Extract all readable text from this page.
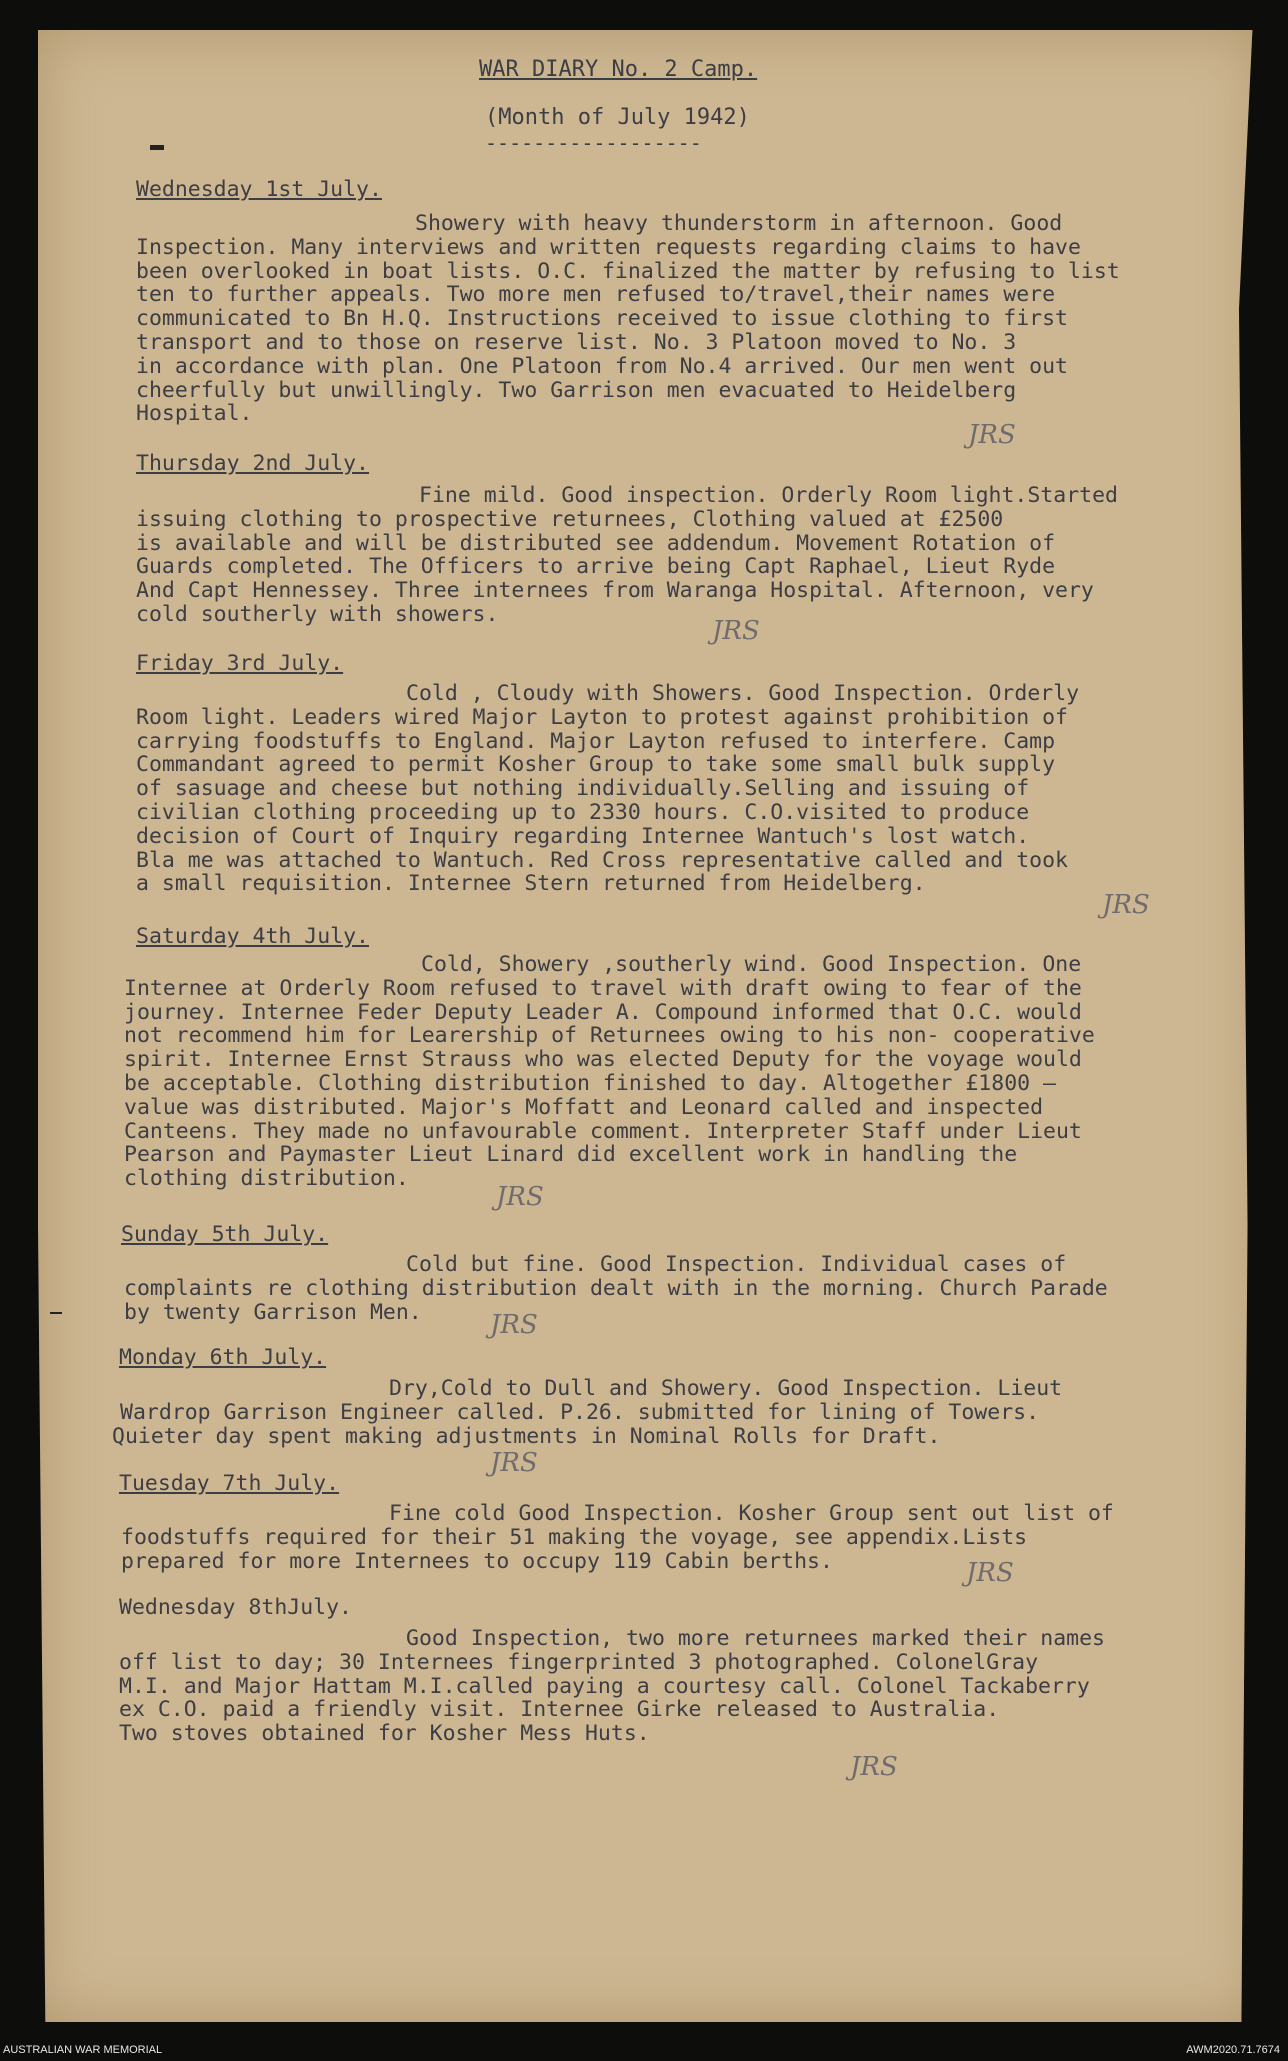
WAR DIARY No. 2 Camp.
(Month of July 1942)
------------------
Wednesday 1st July.
Showery with heavy thunderstorm in afternoon. Good
Inspection. Many interviews and written requests regarding claims to have
been overlooked in boat lists. O.C. finalized the matter by refusing to list
ten to further appeals. Two more men refused to/travel,their names were
communicated to Bn H.Q. Instructions received to issue clothing to first
transport and to those on reserve list. No. 3 Platoon moved to No. 3
in accordance with plan. One Platoon from No.4 arrived. Our men went out
cheerfully but unwillingly. Two Garrison men evacuated to Heidelberg
Hospital.
Thursday 2nd July.
Fine mild. Good inspection. Orderly Room light.Started
issuing clothing to prospective returnees, Clothing valued at £2500
is available and will be distributed see addendum. Movement Rotation of
Guards completed. The Officers to arrive being Capt Raphael, Lieut Ryde
And Capt Hennessey. Three internees from Waranga Hospital. Afternoon, very
cold southerly with showers.
Friday 3rd July.
Cold , Cloudy with Showers. Good Inspection. Orderly
Room light. Leaders wired Major Layton to protest against prohibition of
carrying foodstuffs to England. Major Layton refused to interfere. Camp
Commandant agreed to permit Kosher Group to take some small bulk supply
of sasuage and cheese but nothing individually.Selling and issuing of
civilian clothing proceeding up to 2330 hours. C.O.visited to produce
decision of Court of Inquiry regarding Internee Wantuch's lost watch.
Bla me was attached to Wantuch. Red Cross representative called and took
a small requisition. Internee Stern returned from Heidelberg.
Saturday 4th July.
Cold, Showery ,southerly wind. Good Inspection. One
Internee at Orderly Room refused to travel with draft owing to fear of the
journey. Internee Feder Deputy Leader A. Compound informed that O.C. would
not recommend him for Learership of Returnees owing to his non- cooperative
spirit. Internee Ernst Strauss who was elected Deputy for the voyage would
be acceptable. Clothing distribution finished to day. Altogether £1800 —
value was distributed. Major's Moffatt and Leonard called and inspected
Canteens. They made no unfavourable comment. Interpreter Staff under Lieut
Pearson and Paymaster Lieut Linard did excellent work in handling the
clothing distribution.
Sunday 5th July.
Cold but fine. Good Inspection. Individual cases of
complaints re clothing distribution dealt with in the morning. Church Parade
by twenty Garrison Men.
Monday 6th July.
Dry,Cold to Dull and Showery. Good Inspection. Lieut
Wardrop Garrison Engineer called. P.26. submitted for lining of Towers.
Quieter day spent making adjustments in Nominal Rolls for Draft.
Tuesday 7th July.
Fine cold Good Inspection. Kosher Group sent out list of
foodstuffs required for their 51 making the voyage, see appendix.Lists
prepared for more Internees to occupy 119 Cabin berths.
Wednesday 8thJuly.
Good Inspection, two more returnees marked their names
off list to day; 30 Internees fingerprinted 3 photographed. ColonelGray
M.I. and Major Hattam M.I.called paying a courtesy call. Colonel Tackaberry
ex C.O. paid a friendly visit. Internee Girke released to Australia.
Two stoves obtained for Kosher Mess Huts.
JRS
JRS
JRS
JRS
JRS
JRS
JRS
JRS
AUSTRALIAN WAR MEMORIAL	AWM2020.71.7674
